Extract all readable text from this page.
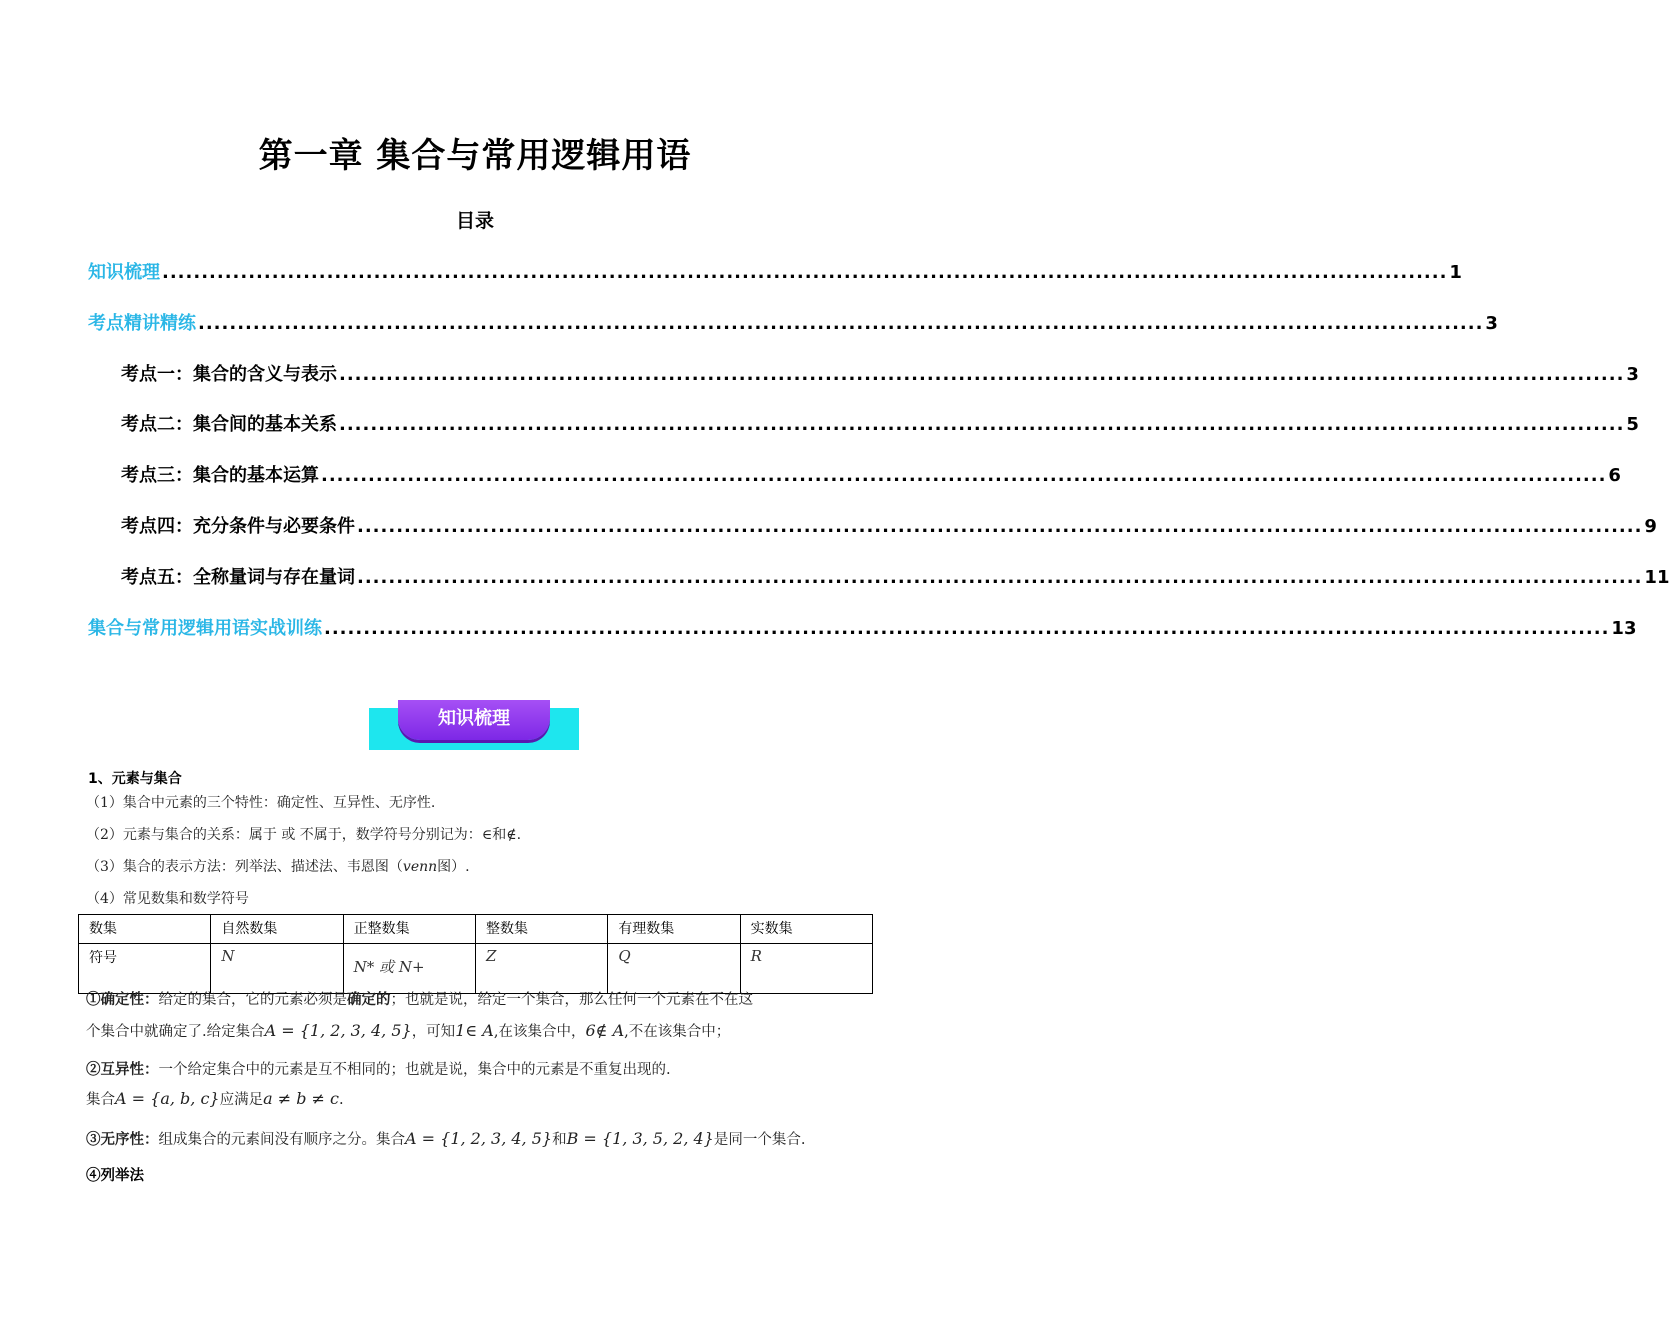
第一章 集合与常用逻辑用语
目录
知识梳理 .................................................................................................................................................................... 1
考点精讲精练 .................................................................................................................................................................... 3
考点一：集合的含义与表示 .................................................................................................................................................................... 3
考点二：集合间的基本关系 .................................................................................................................................................................... 5
考点三：集合的基本运算 .................................................................................................................................................................... 6
考点四：充分条件与必要条件 .................................................................................................................................................................... 9
考点五：全称量词与存在量词 .................................................................................................................................................................... 11
集合与常用逻辑用语实战训练 .................................................................................................................................................................... 13
知识梳理
1、元素与集合
（1）集合中元素的三个特性：确定性、互异性、无序性.
（2）元素与集合的关系：属于 或 不属于，数学符号分别记为：∈和∉.
（3）集合的表示方法：列举法、描述法、韦恩图（venn图）.
（4）常见数集和数学符号
数集	自然数集	正整数集	整数集	有理数集	实数集
符号	N	N* 或 N+	Z	Q	R
①确定性：给定的集合，它的元素必须是确定的；也就是说，给定一个集合，那么任何一个元素在不在这
个集合中就确定了.给定集合A = {1, 2, 3, 4, 5}，可知1∈ A,在该集合中，6∉ A,不在该集合中；
②互异性：一个给定集合中的元素是互不相同的；也就是说，集合中的元素是不重复出现的.
集合A = {a, b, c}应满足a ≠ b ≠ c.
③无序性：组成集合的元素间没有顺序之分。集合A = {1, 2, 3, 4, 5}和B = {1, 3, 5, 2, 4}是同一个集合.
④列举法
